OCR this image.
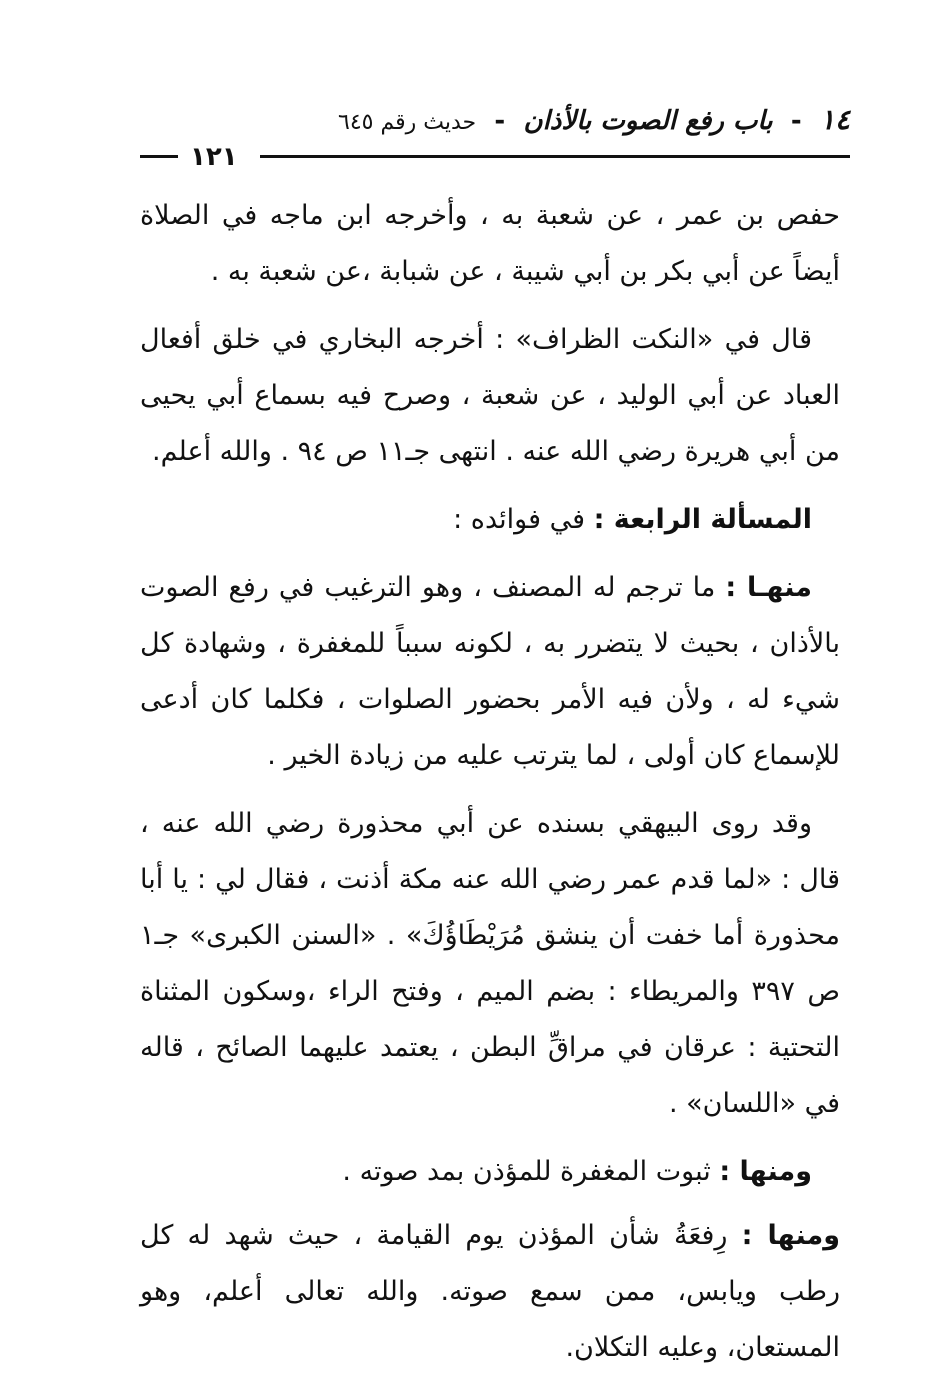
١٤ - باب رفع الصوت بالأذان - حديث رقم ٦٤٥
١٢١

حفص بن عمر ، عن شعبة به ، وأخرجه ابن ماجه في الصلاة أيضاً عن أبي بكر بن أبي شيبة ، عن شبابة ،عن شعبة به .

قال في «النكت الظراف» : أخرجه البخاري في خلق أفعال العباد عن أبي الوليد ، عن شعبة ، وصرح فيه بسماع أبي يحيى من أبي هريرة رضي الله عنه . انتهى جـ١١ ص ٩٤ . والله أعلم.

المسألة الرابعة : في فوائده :

منهـا : ما ترجم له المصنف ، وهو الترغيب في رفع الصوت بالأذان ، بحيث لا يتضرر به ، لكونه سبباً للمغفرة ، وشهادة كل شيء له ، ولأن فيه الأمر بحضور الصلوات ، فكلما كان أدعى للإسماع كان أولى ، لما يترتب عليه من زيادة الخير .

وقد روى البيهقي بسنده عن أبي محذورة رضي الله عنه ، قال : «لما قدم عمر رضي الله عنه مكة أذنت ، فقال لي : يا أبا محذورة أما خفت أن ينشق مُرَيْطَاؤُكَ» . «السنن الكبرى» جـ١ ص ٣٩٧ والمريطاء : بضم الميم ، وفتح الراء ،وسكون المثناة التحتية : عرقان في مراقِّ البطن ، يعتمد عليهما الصائح ، قاله في «اللسان» .

ومنها : ثبوت المغفرة للمؤذن بمد صوته .

ومنها : رِفعَةُ شأن المؤذن يوم القيامة ، حيث شهد له كل رطب ويابس، ممن سمع صوته. والله تعالى أعلم، وهو المستعان، وعليه التكلان.
